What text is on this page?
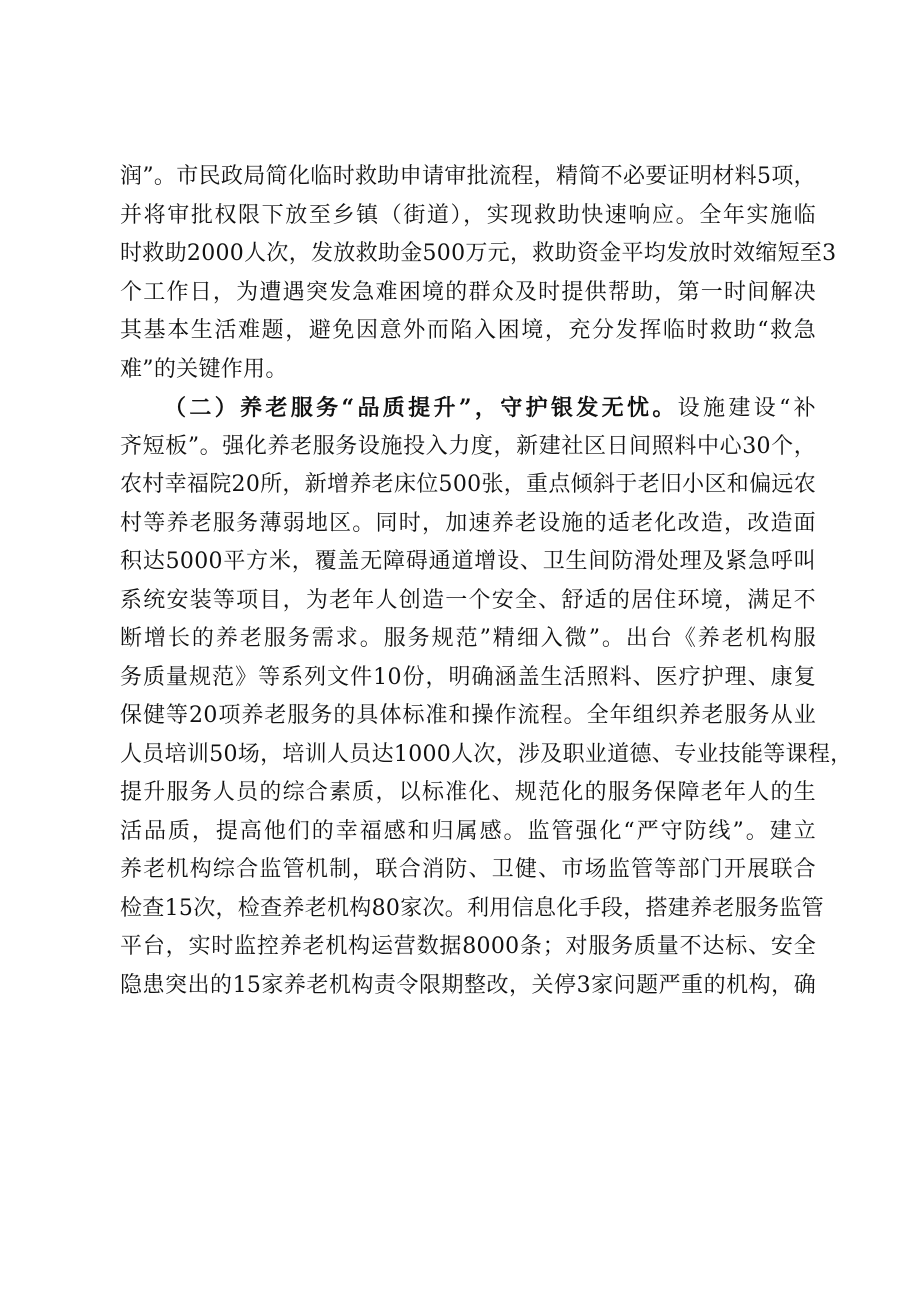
润”。市民政局简化临时救助申请审批流程，精简不必要证明材料5项，
并将审批权限下放至乡镇（街道），实现救助快速响应。全年实施临
时救助2000人次，发放救助金500万元，救助资金平均发放时效缩短至3
个工作日，为遭遇突发急难困境的群众及时提供帮助，第一时间解决
其基本生活难题，避免因意外而陷入困境，充分发挥临时救助“救急
难”的关键作用。
（二）养老服务“品质提升”，守护银发无忧。设施建设“补
齐短板”。强化养老服务设施投入力度，新建社区日间照料中心30个，
农村幸福院20所，新增养老床位500张，重点倾斜于老旧小区和偏远农
村等养老服务薄弱地区。同时，加速养老设施的适老化改造，改造面
积达5000平方米，覆盖无障碍通道增设、卫生间防滑处理及紧急呼叫
系统安装等项目，为老年人创造一个安全、舒适的居住环境，满足不
断增长的养老服务需求。服务规范”精细入微”。出台《养老机构服
务质量规范》等系列文件10份，明确涵盖生活照料、医疗护理、康复
保健等20项养老服务的具体标准和操作流程。全年组织养老服务从业
人员培训50场，培训人员达1000人次，涉及职业道德、专业技能等课程，
提升服务人员的综合素质，以标准化、规范化的服务保障老年人的生
活品质，提高他们的幸福感和归属感。监管强化“严守防线”。建立
养老机构综合监管机制，联合消防、卫健、市场监管等部门开展联合
检查15次，检查养老机构80家次。利用信息化手段，搭建养老服务监管
平台，实时监控养老机构运营数据8000条；对服务质量不达标、安全
隐患突出的15家养老机构责令限期整改，关停3家问题严重的机构，确
